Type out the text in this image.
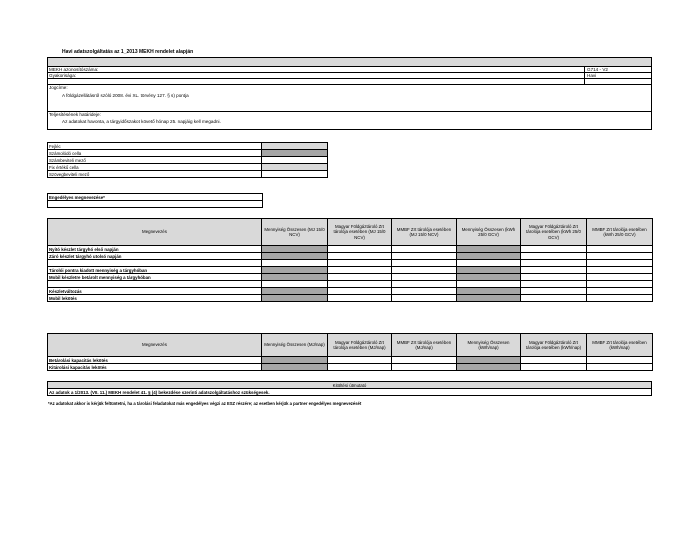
Havi adatszolgáltatás az 1_2013 MEKH rendelet alapján
MEKH azonosítószáma:	G714 - V2
Gyakorisága:	Havi
Jogcíme:
A földgázellátásról szóló 2008. évi XL. törvény 127. § s) pontja
Teljesítésének határideje:
Az adatokat havonta, a tárgyidőszakot követő hónap 25. napjáig kell megadni.
Fejléc	
Számolódó cella	
Számbeviteli mező	
Fix értékű cella	
Szövegbeviteli mező	
Engedélyes megnevezése*

Megnevezés	Mennyiség Összesen (MJ 15/0 NCV)	Magyar Földgáztároló Zrt tárolója esetében (MJ 15/0 NCV)	MMBF Zrt tárolója esetében (MJ 15/0 NCV)	Mennyiség Összesen (kWh 25/0 GCV)	Magyar Földgáztároló Zrt tárolója esetében (kWh 25/0 GCV)	MMBF Zrt tárolója esetében (kWh 25/0 GCV)
Nyitó készlet tárgyhó első napján						
Záró készlet tárgyhó utolsó napján						

Tárolói pontra kiadott mennyiség a tárgyhóban						
Mobil készletre betárolt mennyiség a tárgyhóban						

Készletváltozás						
Mobil lekötés						
Megnevezés	Mennyiség Összesen (MJ/nap)	Magyar Földgáztároló Zrt tárolója esetében (MJ/nap)	MMBF Zrt tárolója esetében (MJ/nap)	Mennyiség Összesen (kWh/nap)	Magyar Földgáztároló Zrt tárolója esetében (kWh/nap)	MMBF Zrt tárolója esetében (kWh/nap)
Betárolási kapacitás lekötés						
Kitárolási kapacitás lekötés						
Kitöltési útmutató
Az adatok a 1/2013. (VII. 11.) MEKH rendelet 41. § (4) bekezdése szerinti adatszolgáltatáshoz szükségesek.
*Az adatokat akkor is kérjük feltüntetni, ha a tárolási feladatokat más engedélyes végzi az ESZ részére; az esetben kérjük a partner engedélyes megnevezését
